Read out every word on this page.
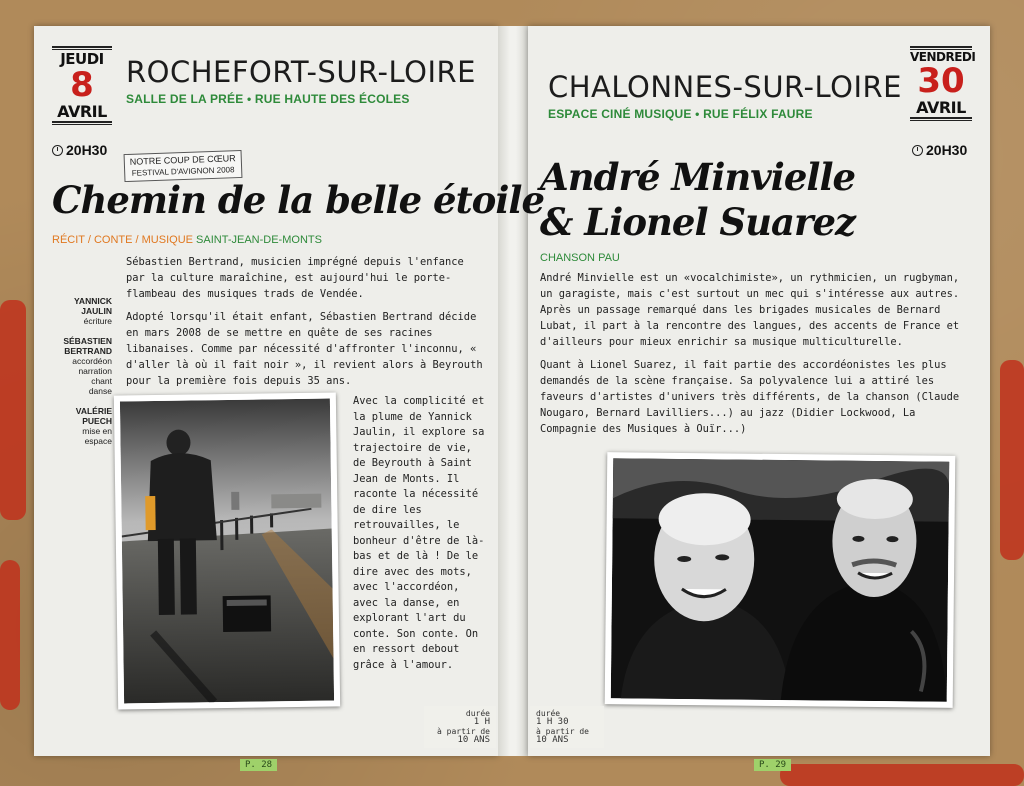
JEUDI
8
AVRIL
20H30
ROCHEFORT-SUR-LOIRE
SALLE DE LA PRÉE • RUE HAUTE DES ÉCOLES
NOTRE COUP DE CŒUR
FESTIVAL D'AVIGNON 2008
Chemin de la belle étoile
RÉCIT / CONTE / MUSIQUE SAINT-JEAN-DE-MONTS

Sébastien Bertrand, musicien imprégné depuis l'enfance par la culture maraîchine, est aujourd'hui le porte-flambeau des musiques trads de Vendée.

Adopté lorsqu'il était enfant, Sébastien Bertrand décide en mars 2008 de se mettre en quête de ses racines libanaises. Comme par nécessité d'affronter l'inconnu, « d'aller là où il fait noir », il revient alors à Beyrouth pour la première fois depuis 35 ans.

YANNICK
JAULIN
écriture
SÉBASTIEN
BERTRAND
accordéon
narration
chant
danse
VALÉRIE
PUECH
mise en
espace
Avec la complicité et la plume de Yannick Jaulin, il explore sa trajectoire de vie, de Beyrouth à Saint Jean de Monts. Il raconte la nécessité de dire les retrouvailles, le bonheur d'être de là-bas et de là ! De le dire avec des mots, avec l'accordéon, avec la danse, en explorant l'art du conte. Son conte. On en ressort debout grâce à l'amour.
durée
1 H
à partir de
10 ANS
P. 28
CHALONNES-SUR-LOIRE
ESPACE CINÉ MUSIQUE • RUE FÉLIX FAURE
VENDREDI
30
AVRIL
20H30
André Minvielle
& Lionel Suarez
CHANSON PAU

André Minvielle est un «vocalchimiste», un rythmicien, un rugbyman, un garagiste, mais c'est surtout un mec qui s'intéresse aux autres. Après un passage remarqué dans les brigades musicales de Bernard Lubat, il part à la rencontre des langues, des accents de France et d'ailleurs pour mieux enrichir sa musique multiculturelle.

Quant à Lionel Suarez, il fait partie des accordéonistes les plus demandés de la scène française. Sa polyvalence lui a attiré les faveurs d'artistes d'univers très différents, de la chanson (Claude Nougaro, Bernard Lavilliers...) au jazz (Didier Lockwood, La Compagnie des Musiques à Ouïr...)

durée
1 H 30
à partir de
10 ANS
P. 29
